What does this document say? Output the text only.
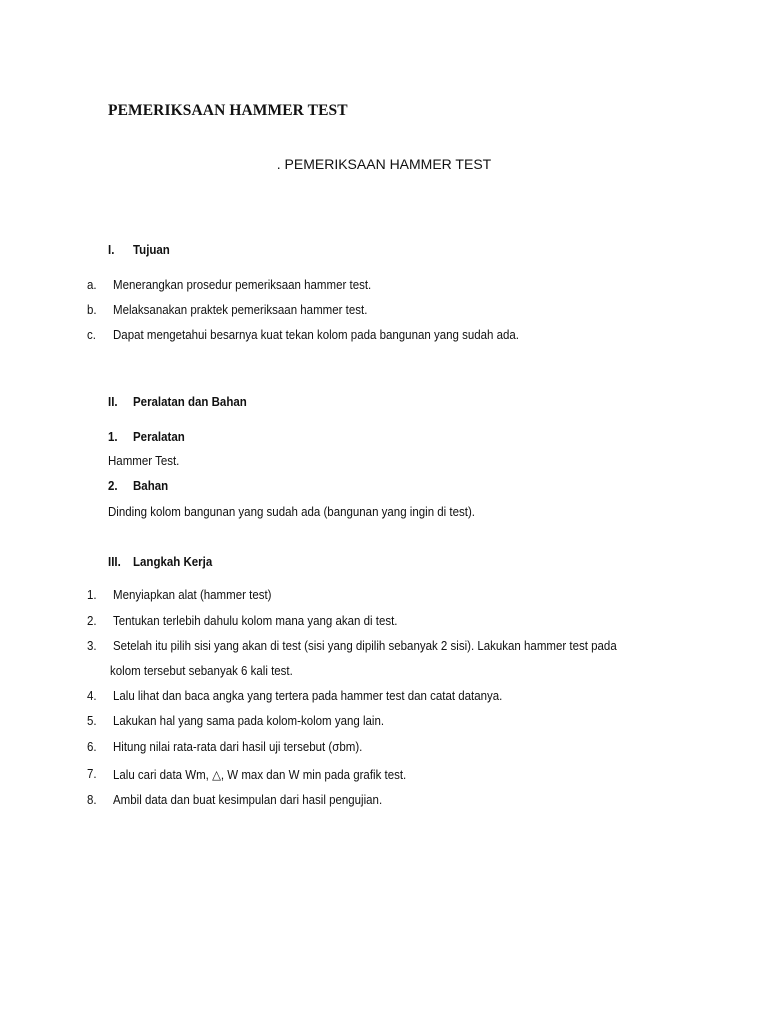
PEMERIKSAAN HAMMER TEST

. PEMERIKSAAN HAMMER TEST

I. Tujuan
a. Menerangkan prosedur pemeriksaan hammer test.
b. Melaksanakan praktek pemeriksaan hammer test.
c. Dapat mengetahui besarnya kuat tekan kolom pada bangunan yang sudah ada.
II. Peralatan dan Bahan
1. Peralatan
Hammer Test.
2. Bahan
Dinding kolom bangunan yang sudah ada (bangunan yang ingin di test).
III. Langkah Kerja
1. Menyiapkan alat (hammer test)
2. Tentukan terlebih dahulu kolom mana yang akan di test.
3. Setelah itu pilih sisi yang akan di test (sisi yang dipilih sebanyak 2 sisi). Lakukan hammer test pada
kolom tersebut sebanyak 6 kali test.
4. Lalu lihat dan baca angka yang tertera pada hammer test dan catat datanya.
5. Lakukan hal yang sama pada kolom-kolom yang lain.
6. Hitung nilai rata-rata dari hasil uji tersebut (σbm).
7. Lalu cari data Wm, △, W max dan W min pada grafik test.
8. Ambil data dan buat kesimpulan dari hasil pengujian.
